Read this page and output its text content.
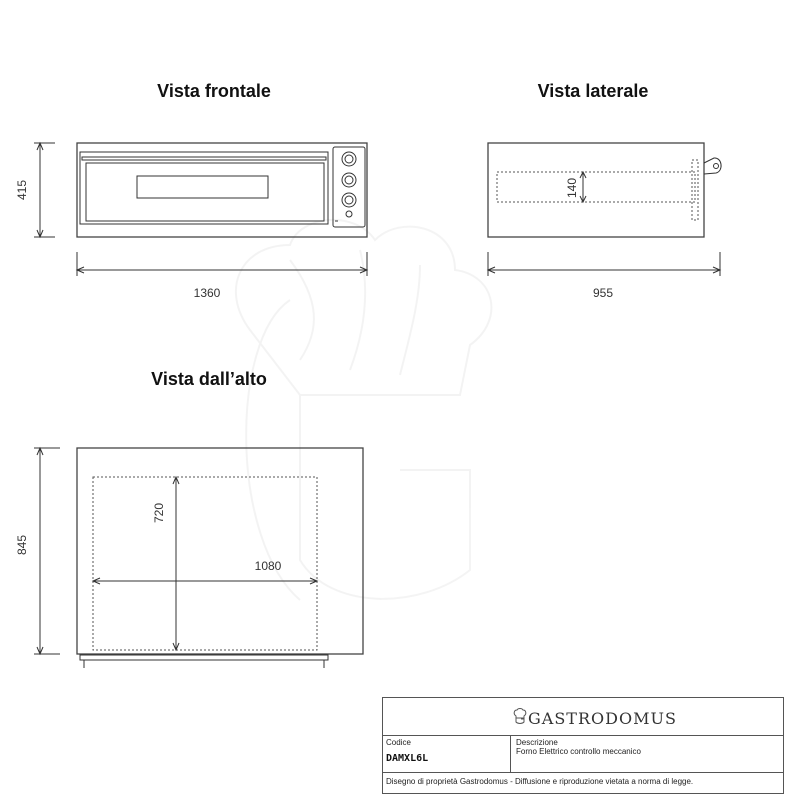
Vista frontale
415
1360
Vista laterale
140
955
Vista dall’alto
720
1080
845
GASTRODOMUS
Codice
DAMXL6L
Descrizione
Forno Elettrico controllo meccanico
Disegno di proprietà Gastrodomus - Diffusione e riproduzione vietata a norma di legge.
